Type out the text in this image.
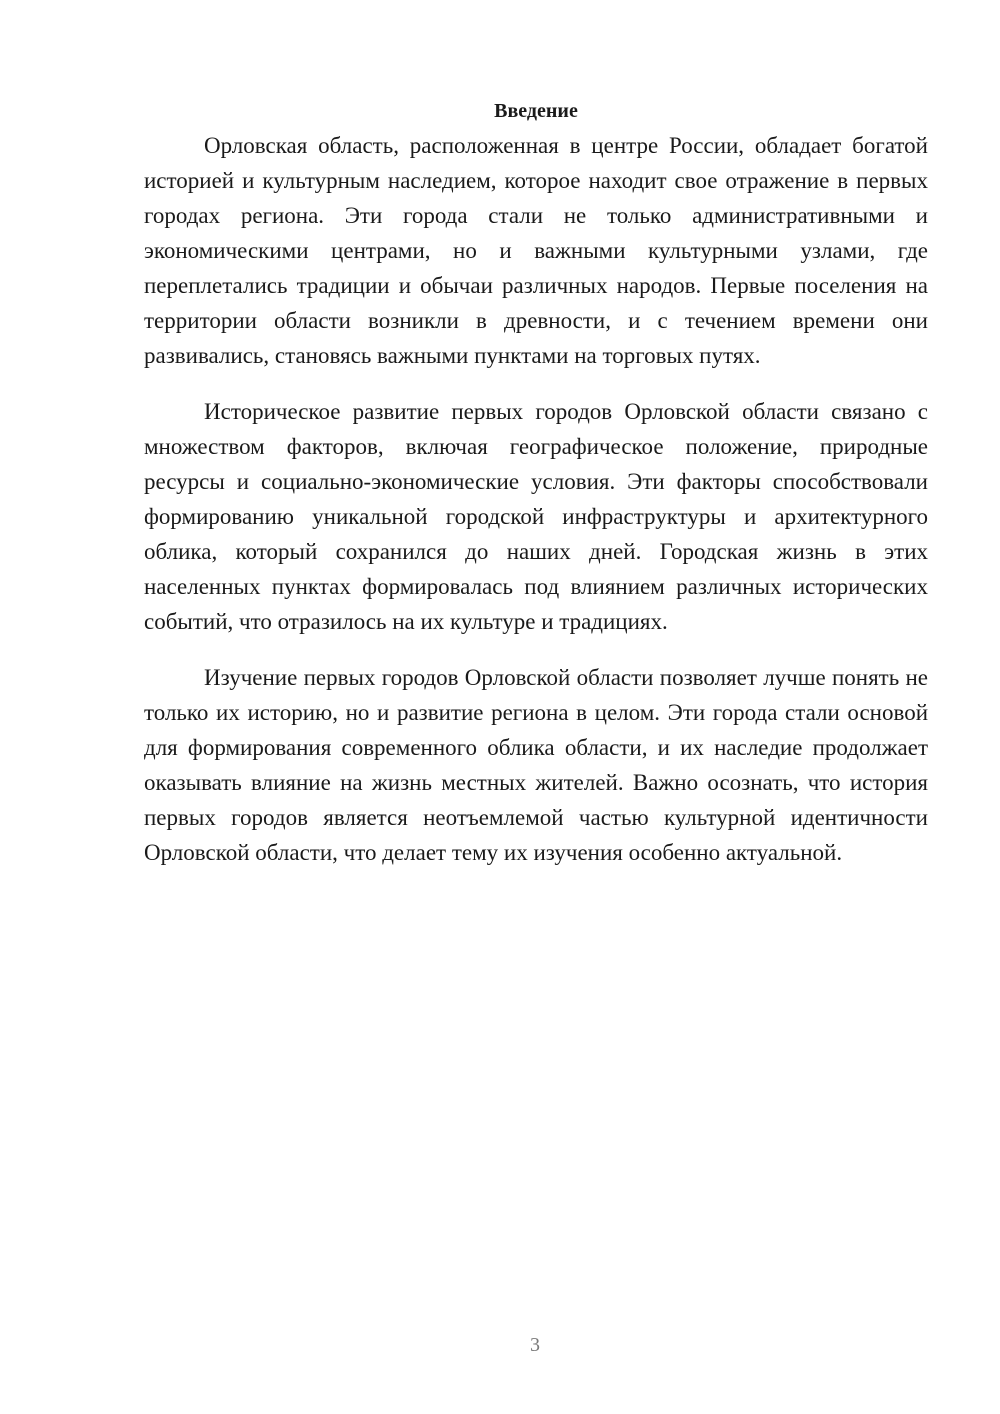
Введение

Орловская область, расположенная в центре России, обладает богатой историей и культурным наследием, которое находит свое отражение в первых городах региона. Эти города стали не только административными и экономическими центрами, но и важными культурными узлами, где переплетались традиции и обычаи различных народов. Первые поселения на территории области возникли в древности, и с течением времени они развивались, становясь важными пунктами на торговых путях.

Историческое развитие первых городов Орловской области связано с множеством факторов, включая географическое положение, природные ресурсы и социально-экономические условия. Эти факторы способствовали формированию уникальной городской инфраструктуры и архитектурного облика, который сохранился до наших дней. Городская жизнь в этих населенных пунктах формировалась под влиянием различных исторических событий, что отразилось на их культуре и традициях.

Изучение первых городов Орловской области позволяет лучше понять не только их историю, но и развитие региона в целом. Эти города стали основой для формирования современного облика области, и их наследие продолжает оказывать влияние на жизнь местных жителей. Важно осознать, что история первых городов является неотъемлемой частью культурной идентичности Орловской области, что делает тему их изучения особенно актуальной.

3
